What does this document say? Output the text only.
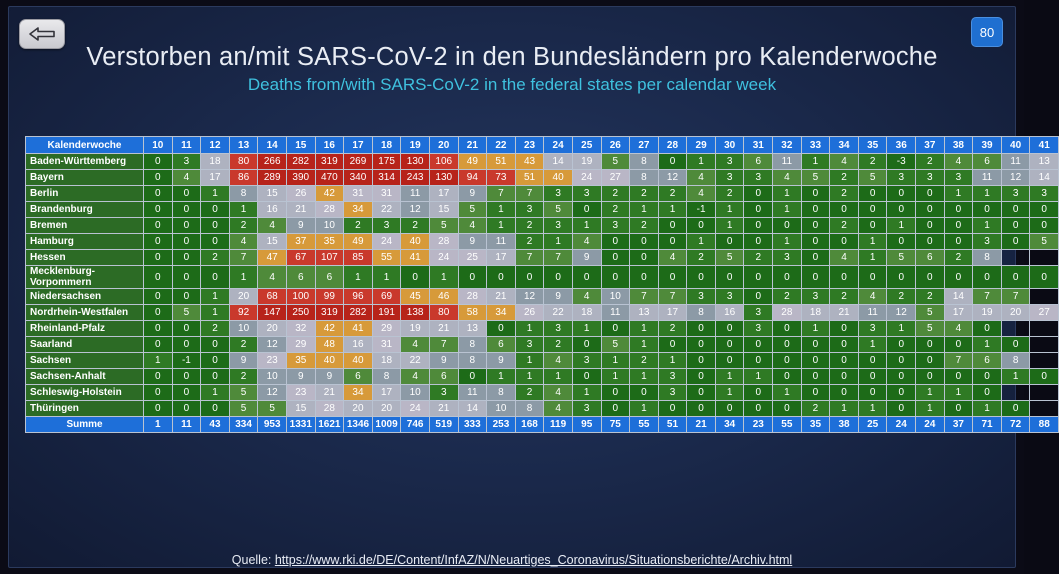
80
Verstorben an/mit SARS-CoV-2 in den Bundesländern pro Kalenderwoche
Deaths from/with SARS-CoV-2 in the federal states per calendar week
Kalenderwoche	10	11	12	13	14	15	16	17	18	19	20	21	22	23	24	25	26	27	28	29	30	31	32	33	34	35	36	37	38	39	40	41
Baden-Württemberg	0	3	18	80	266	282	319	269	175	130	106	49	51	43	14	19	5	8	0	1	3	6	11	1	4	2	-3	2	4	6	11	13
Bayern	0	4	17	86	289	390	470	340	314	243	130	94	73	51	40	24	27	8	12	4	3	3	4	5	2	5	3	3	3	11	12	14
Berlin	0	0	1	8	15	26	42	31	31	11	17	9	7	7	3	3	2	2	2	4	2	0	1	0	2	0	0	0	1	1	3	3
Brandenburg	0	0	0	1	16	21	28	34	22	12	15	5	1	3	5	0	2	1	1	-1	1	0	1	0	0	0	0	0	0	0	0	0
Bremen	0	0	0	2	4	9	10	2	3	2	5	4	1	2	3	1	3	2	0	0	1	0	0	0	2	0	1	0	0	1	0	0
Hamburg	0	0	0	4	15	37	35	49	24	40	28	9	11	2	1	4	0	0	0	1	0	0	1	0	0	1	0	0	0	3	0	5
Hessen	0	0	2	7	47	67	107	85	55	41	24	25	17	7	7	9	0	0	4	2	5	2	3	0	4	1	5	6	2	8		
Mecklenburg-Vorpommern	0	0	0	1	4	6	6	1	1	0	1	0	0	0	0	0	0	0	0	0	0	0	0	0	0	0	0	0	0	0	0	0
Niedersachsen	0	0	1	20	68	100	99	96	69	45	46	28	21	12	9	4	10	7	7	3	3	0	2	3	2	4	2	2	14	7	7	
Nordrhein-Westfalen	0	5	1	92	147	250	319	282	191	138	80	58	34	26	22	18	11	13	17	8	16	3	28	18	21	11	12	5	17	19	20	27
Rheinland-Pfalz	0	0	2	10	20	32	42	41	29	19	21	13	0	1	3	1	0	1	2	0	0	3	0	1	0	3	1	5	4	0		
Saarland	0	0	0	2	12	29	48	16	31	4	7	8	6	3	2	0	5	1	0	0	0	0	0	0	0	1	0	0	0	1	0	
Sachsen	1	-1	0	9	23	35	40	40	18	22	9	8	9	1	4	3	1	2	1	0	0	0	0	0	0	0	0	0	7	6	8	
Sachsen-Anhalt	0	0	0	2	10	9	9	6	8	4	6	0	1	1	1	0	1	1	3	0	1	1	0	0	0	0	0	0	0	0	1	0
Schleswig-Holstein	0	0	1	5	12	23	21	34	17	10	3	11	8	2	4	1	0	0	3	0	1	0	1	0	0	0	0	1	1	0		
Thüringen	0	0	0	5	5	15	28	20	20	24	21	14	10	8	4	3	0	1	0	0	0	0	0	2	1	1	0	1	0	1	0	
Summe	1	11	43	334	953	1331	1621	1346	1009	746	519	333	253	168	119	95	75	55	51	21	34	23	55	35	38	25	24	24	37	71	72	88
Quelle: https://www.rki.de/DE/Content/InfAZ/N/Neuartiges_Coronavirus/Situationsberichte/Archiv.html
